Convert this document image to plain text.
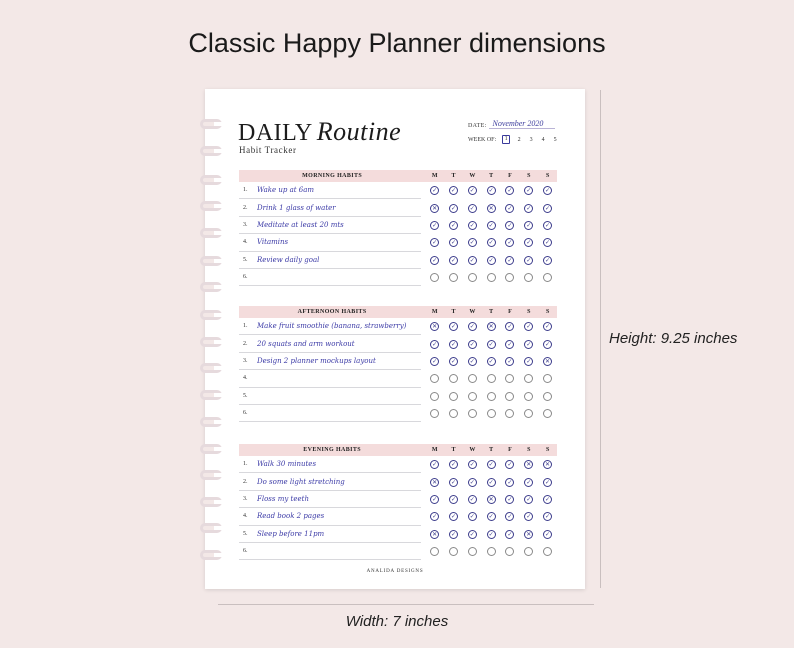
Classic Happy Planner dimensions
DAILY Routine
Habit Tracker
DATE: November 2020
WEEK OF:	1	2 3 4 5
MORNING HABITS	M	T	W	T	F	S	S
1.	Wake up at 6am	✓	✓	✓	✓	✓	✓	✓
2.	Drink 1 glass of water	✕	✓	✓	✕	✓	✓	✓
3.	Meditate at least 20 mts	✓	✓	✓	✓	✓	✓	✓
4.	Vitamins	✓	✓	✓	✓	✓	✓	✓
5.	Review daily goal	✓	✓	✓	✓	✓	✓	✓
6.
AFTERNOON HABITS	M	T	W	T	F	S	S
1.	Make fruit smoothie (banana, strawberry)	✕	✓	✓	✕	✓	✓	✓
2.	20 squats and arm workout	✓	✓	✓	✓	✓	✓	✓
3.	Design 2 planner mockups layout	✓	✓	✓	✓	✓	✓	✕
4.
5.
6.
EVENING HABITS	M	T	W	T	F	S	S
1.	Walk 30 minutes	✓	✓	✓	✓	✓	✕	✕
2.	Do some light stretching	✕	✓	✓	✓	✓	✓	✓
3.	Floss my teeth	✓	✓	✓	✕	✓	✓	✓
4.	Read book 2 pages	✓	✓	✓	✓	✓	✓	✓
5.	Sleep before 11pm	✕	✓	✓	✓	✓	✕	✓
6.
ANALIDA DESIGNS
Width: 7 inches
Height: 9.25 inches
